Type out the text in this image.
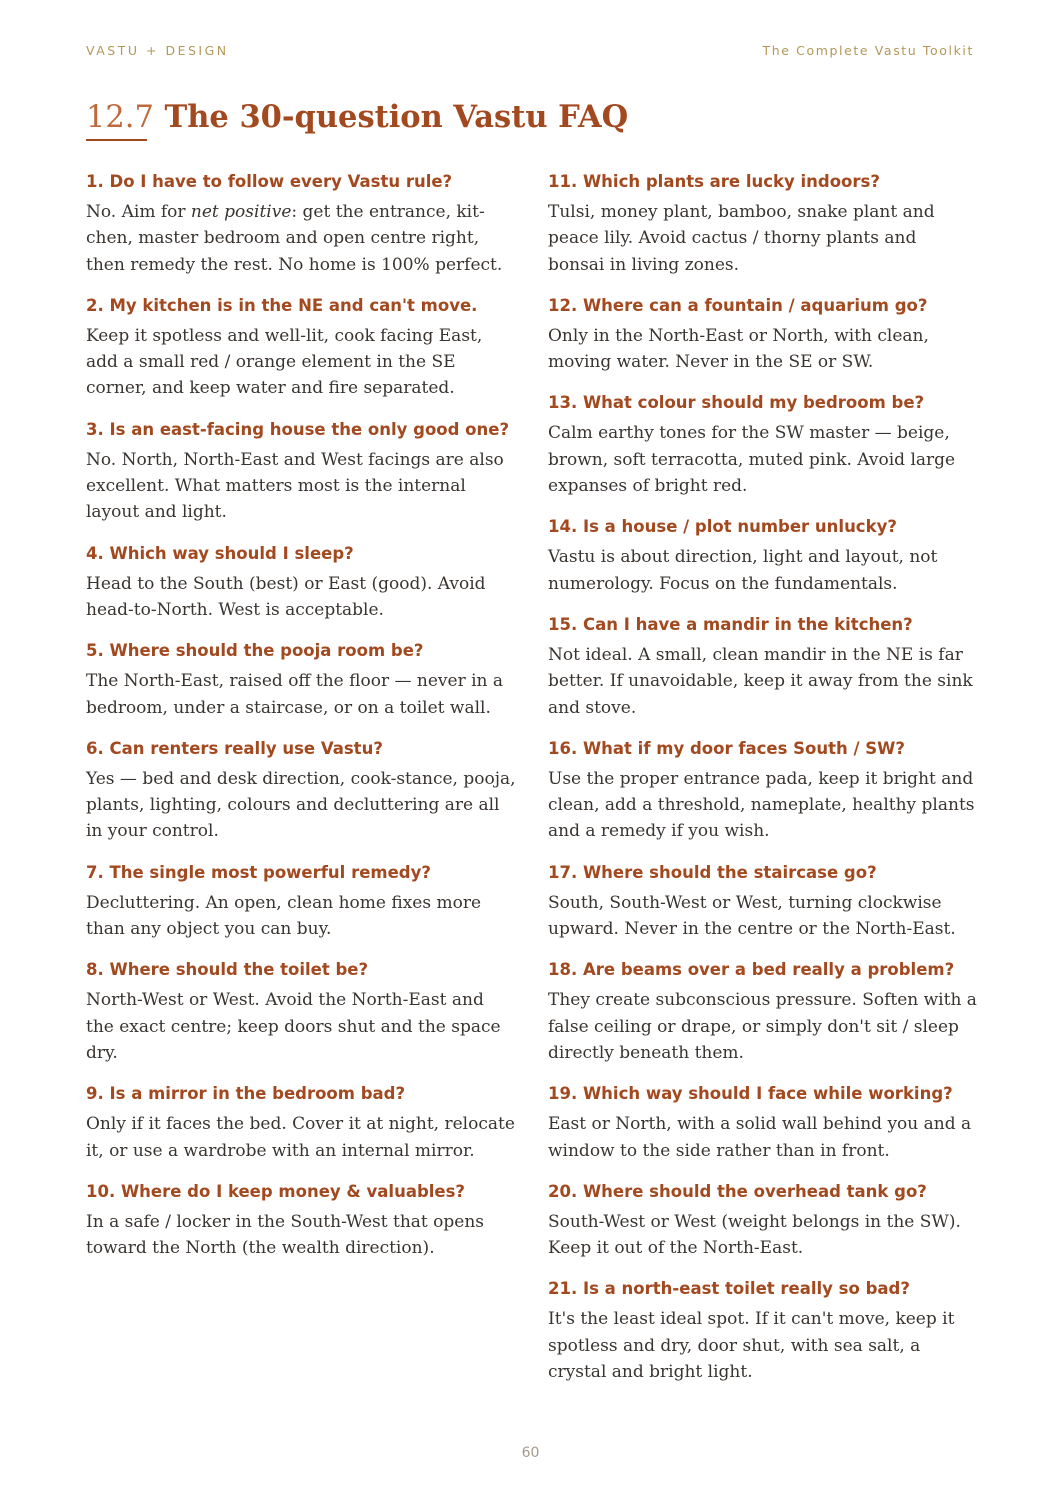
VASTU + DESIGN	The Complete Vastu Toolkit
12.7 The 30-question Vastu FAQ

1. Do I have to follow every Vastu rule?

No. Aim for net positive: get the entrance, kitchen, master bedroom and open centre right, then remedy the rest. No home is 100% perfect.

2. My kitchen is in the NE and can't move.

Keep it spotless and well-lit, cook facing East, add a small red / orange element in the SE corner, and keep water and fire separated.

3. Is an east-facing house the only good one?

No. North, North-East and West facings are also excellent. What matters most is the internal layout and light.

4. Which way should I sleep?

Head to the South (best) or East (good). Avoid head-to-North. West is acceptable.

5. Where should the pooja room be?

The North-East, raised off the floor — never in a bedroom, under a staircase, or on a toilet wall.

6. Can renters really use Vastu?

Yes — bed and desk direction, cook-stance, pooja, plants, lighting, colours and decluttering are all in your control.

7. The single most powerful remedy?

Decluttering. An open, clean home fixes more than any object you can buy.

8. Where should the toilet be?

North-West or West. Avoid the North-East and the exact centre; keep doors shut and the space dry.

9. Is a mirror in the bedroom bad?

Only if it faces the bed. Cover it at night, relocate it, or use a wardrobe with an internal mirror.

10. Where do I keep money & valuables?

In a safe / locker in the South-West that opens toward the North (the wealth direction).

11. Which plants are lucky indoors?

Tulsi, money plant, bamboo, snake plant and peace lily. Avoid cactus / thorny plants and bonsai in living zones.

12. Where can a fountain / aquarium go?

Only in the North-East or North, with clean, moving water. Never in the SE or SW.

13. What colour should my bedroom be?

Calm earthy tones for the SW master — beige, brown, soft terracotta, muted pink. Avoid large expanses of bright red.

14. Is a house / plot number unlucky?

Vastu is about direction, light and layout, not numerology. Focus on the fundamentals.

15. Can I have a mandir in the kitchen?

Not ideal. A small, clean mandir in the NE is far better. If unavoidable, keep it away from the sink and stove.

16. What if my door faces South / SW?

Use the proper entrance pada, keep it bright and clean, add a threshold, nameplate, healthy plants and a remedy if you wish.

17. Where should the staircase go?

South, South-West or West, turning clockwise upward. Never in the centre or the North-East.

18. Are beams over a bed really a problem?

They create subconscious pressure. Soften with a false ceiling or drape, or simply don't sit / sleep directly beneath them.

19. Which way should I face while working?

East or North, with a solid wall behind you and a window to the side rather than in front.

20. Where should the overhead tank go?

South-West or West (weight belongs in the SW). Keep it out of the North-East.

21. Is a north-east toilet really so bad?

It's the least ideal spot. If it can't move, keep it spotless and dry, door shut, with sea salt, a crystal and bright light.

60
